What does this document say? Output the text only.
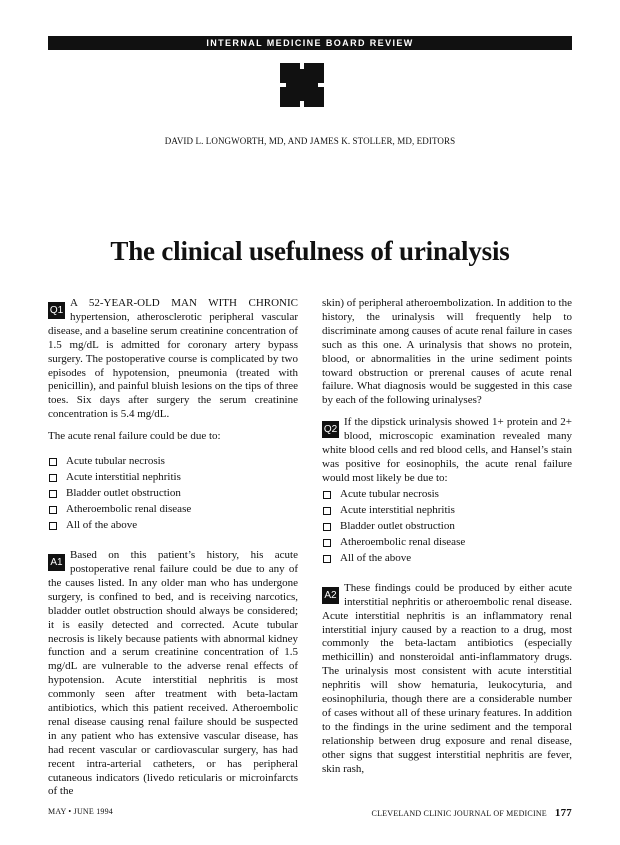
INTERNAL MEDICINE BOARD REVIEW
DAVID L. LONGWORTH, MD, AND JAMES K. STOLLER, MD, EDITORS
The clinical usefulness of urinalysis

Q1
A 52-YEAR-OLD MAN WITH CHRONIC hypertension, atherosclerotic peripheral vascular disease, and a baseline serum creatinine concentration of 1.5 mg/dL is admitted for coronary artery bypass surgery. The postoperative course is complicated by two episodes of hypotension, pneumonia (treated with penicillin), and painful bluish lesions on the tips of three toes. Six days after surgery the serum creatinine concentration is 5.4 mg/dL.

The acute renal failure could be due to:

Acute tubular necrosis
Acute interstitial nephritis
Bladder outlet obstruction
Atheroembolic renal disease
All of the above

A1
Based on this patient’s history, his acute postoperative renal failure could be due to any of the causes listed. In any older man who has undergone surgery, is confined to bed, and is receiving narcotics, bladder outlet obstruction should always be considered; it is easily detected and corrected. Acute tubular necrosis is likely because patients with abnormal kidney function and a serum creatinine concentration of 1.5 mg/dL are vulnerable to the adverse renal effects of hypotension. Acute interstitial nephritis is most commonly seen after treatment with beta-lactam antibiotics, which this patient received. Atheroembolic renal disease causing renal failure should be suspected in any patient who has extensive vascular disease, has had recent vascular or cardiovascular surgery, has had recent intra-arterial catheters, or has peripheral cutaneous indicators (livedo reticularis or microinfarcts of the

skin) of peripheral atheroembolization. In addition to the history, the urinalysis will frequently help to discriminate among causes of acute renal failure in cases such as this one. A urinalysis that shows no protein, blood, or abnormalities in the urine sediment points toward obstruction or prerenal causes of acute renal failure. What diagnosis would be suggested in this case by each of the following urinalyses?

Q2
If the dipstick urinalysis showed 1+ protein and 2+ blood, microscopic examination revealed many white blood cells and red blood cells, and Hansel’s stain was positive for eosinophils, the acute renal failure would most likely be due to:

Acute tubular necrosis
Acute interstitial nephritis
Bladder outlet obstruction
Atheroembolic renal disease
All of the above

A2
These findings could be produced by either acute interstitial nephritis or atheroembolic renal disease. Acute interstitial nephritis is an inflammatory renal interstitial injury caused by a reaction to a drug, most commonly the beta-lactam antibiotics (especially methicillin) and nonsteroidal anti-inflammatory drugs. The urinalysis most consistent with acute interstitial nephritis will show hematuria, leukocyturia, and eosinophiluria, though there are a considerable number of cases without all of these urinary features. In addition to the findings in the urine sediment and the temporal relationship between drug exposure and renal disease, other signs that suggest interstitial nephritis are fever, skin rash,

MAY • JUNE 1994	CLEVELAND CLINIC JOURNAL OF MEDICINE 177
